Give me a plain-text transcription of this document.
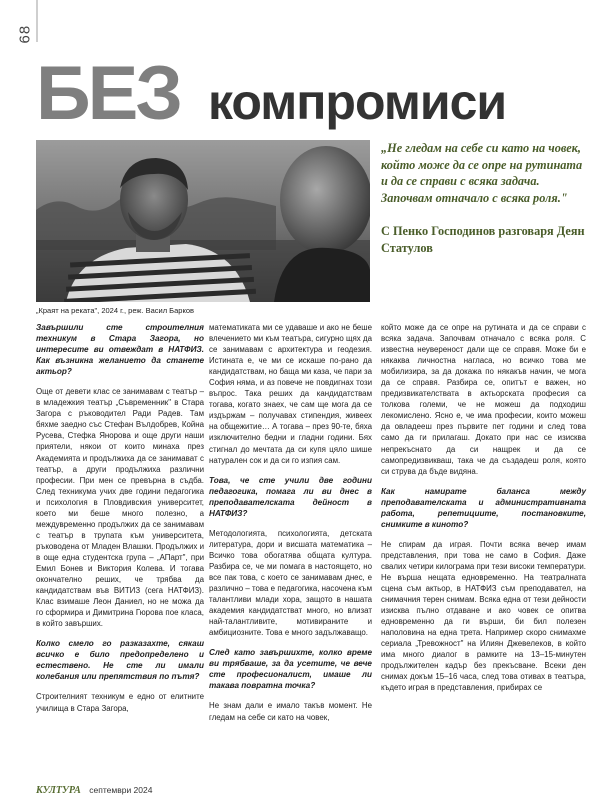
68
БЕЗ компромиси
„Краят на реката", 2024 г., реж. Васил Барков
„Не гледам на себе си като на човек, който може да се опре на рутината и да се справи с всяка задача. Започвам отначало с всяка роля."
С Пенко Господинов разговаря Деян Статулов

Завършили сте строителния техникум в Стара Загора, но интересите ви отвеждат в НАТФИЗ. Как възникна желанието да станете актьор?

Още от девети клас се занимавам с театър – в младежкия театър „Съвременник" в Стара Загора с ръководител Ради Радев. Там бяхме заедно със Стефан Вълдобрев, Койна Русева, Стефка Янорова и още други наши приятели, някои от които минаха през Академията и продължиха да се занимават с театър, а други продължиха различни професии. При мен се превърна в съдба. След техникума учих две години педагогика и психология в Пловдивския университет, което ми беше много полезно, а междувременно продължих да се занимавам с театър в трупата към университета, ръководена от Младен Влашки. Продължих и в още една студентска група – „АПарт", при Емил Бонев и Виктория Колева. И тогава окончателно реших, че трябва да кандидатствам във ВИТИЗ (сега НАТФИЗ). Клас взимаше Леон Даниел, но не можа да го сформира и Димитрина Гюрова пое класа, в който завърших.

Колко смело го разказахте, сякаш всичко е било предопределено и естествено. Не сте ли имали колебания или препятствия по пътя?

Строителният техникум е едно от елитните училища в Стара Загора,

математиката ми се удаваше и ако не беше влечението ми към театъра, сигурно щях да се занимавам с архитектура и геодезия. Истината е, че ми се искаше по-рано да кандидатствам, но баща ми каза, че пари за София няма, и аз повече не повдигнах този въпрос. Така реших да кандидатствам тогава, когато знаех, че сам ще мога да се издържам – получавах стипендия, живеех на общежитие… А тогава – през 90-те, бяха изключително бедни и гладни години. Бях стигнал до мечтата да си купя цяло шише натурален сок и да си го изпия сам.

Това, че сте учили две години педагогика, помага ли ви днес в преподавателската дейност в НАТФИЗ?

Методологията, психологията, детската литература, дори и висшата математика – Всичко това обогатява общата култура. Разбира се, че ми помага в настоящето, но все пак това, с което се занимавам днес, е различно – това е педагогика, насочена към талантливи млади хора, защото в нашата академия кандидатстват много, но влизат най-талантливите, мотивираните и амбициозните. Това е много задължаващо.

След като завършихте, колко време ви трябваше, за да усетите, че вече сте професионалист, имаше ли такава повратна точка?

Не знам дали е имало такъв момент. Не гледам на себе си като на човек,

който може да се опре на рутината и да се справи с всяка задача. Започвам отначало с всяка роля. С известна неувереност дали ще се справя. Може би е някаква личностна нагласа, но всичко това ме мобилизира, за да докажа по някакъв начин, че мога да се справя. Разбира се, опитът е важен, но предизвикателствата в актьорската професия са толкова големи, че не можеш да подходиш лекомислено. Ясно е, че има професии, които можеш да овладееш през първите пет години и след това само да ги прилагаш. Докато при нас се изисква непрекъснато да си нащрек и да се самопредизвикваш, така че да създадеш роля, която си струва да бъде видяна.

Как намирате баланса между преподавателската и административната работа, репетициите, постановките, снимките в киното?

Не спирам да играя. Почти всяка вечер имам представления, при това не само в София. Даже свалих четири килограма при тези високи температури. Не върша нещата едновременно. На театралната сцена съм актьор, в НАТФИЗ съм преподавател, на снимачния терен снимам. Всяка една от тези дейности изисква пълно отдаване и ако човек се опитва едновременно да ги върши, би бил полезен наполовина на една трета. Например скоро снимахме сериала „Тревожност" на Илиян Джевелеков, в който има много диалог в рамките на 13–15-минутен продължителен кадър без прекъсване. Всеки ден снимах докъм 15–16 часа, след това отивах в театъра, където играя в представления, прибирах се

КУЛТУРА септември 2024
